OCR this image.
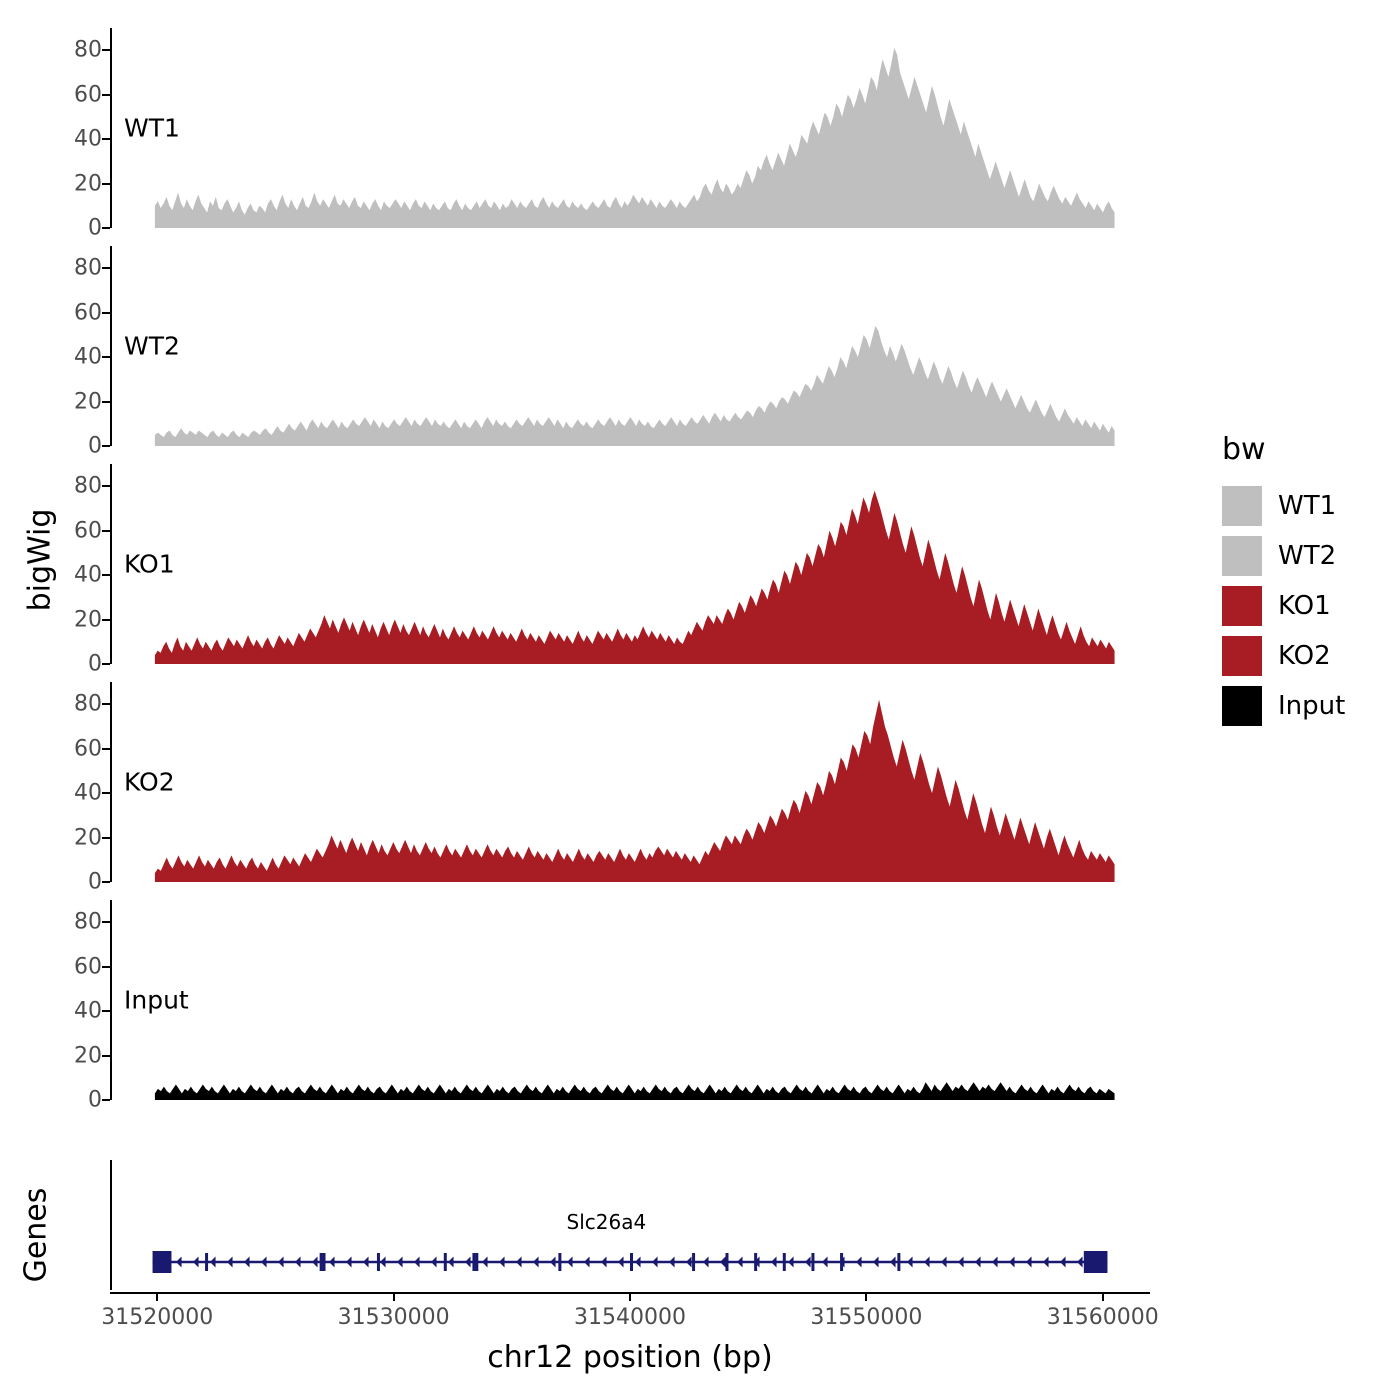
bigWig
Genes
0
20
40
60
80
WT1
0
20
40
60
80
WT2
0
20
40
60
80
KO1
0
20
40
60
80
KO2
0
20
40
60
80
Input
Slc26a4
31520000	31530000	31540000	31550000	31560000
chr12 position (bp)
bw
WT1
WT2
KO1
KO2
Input
